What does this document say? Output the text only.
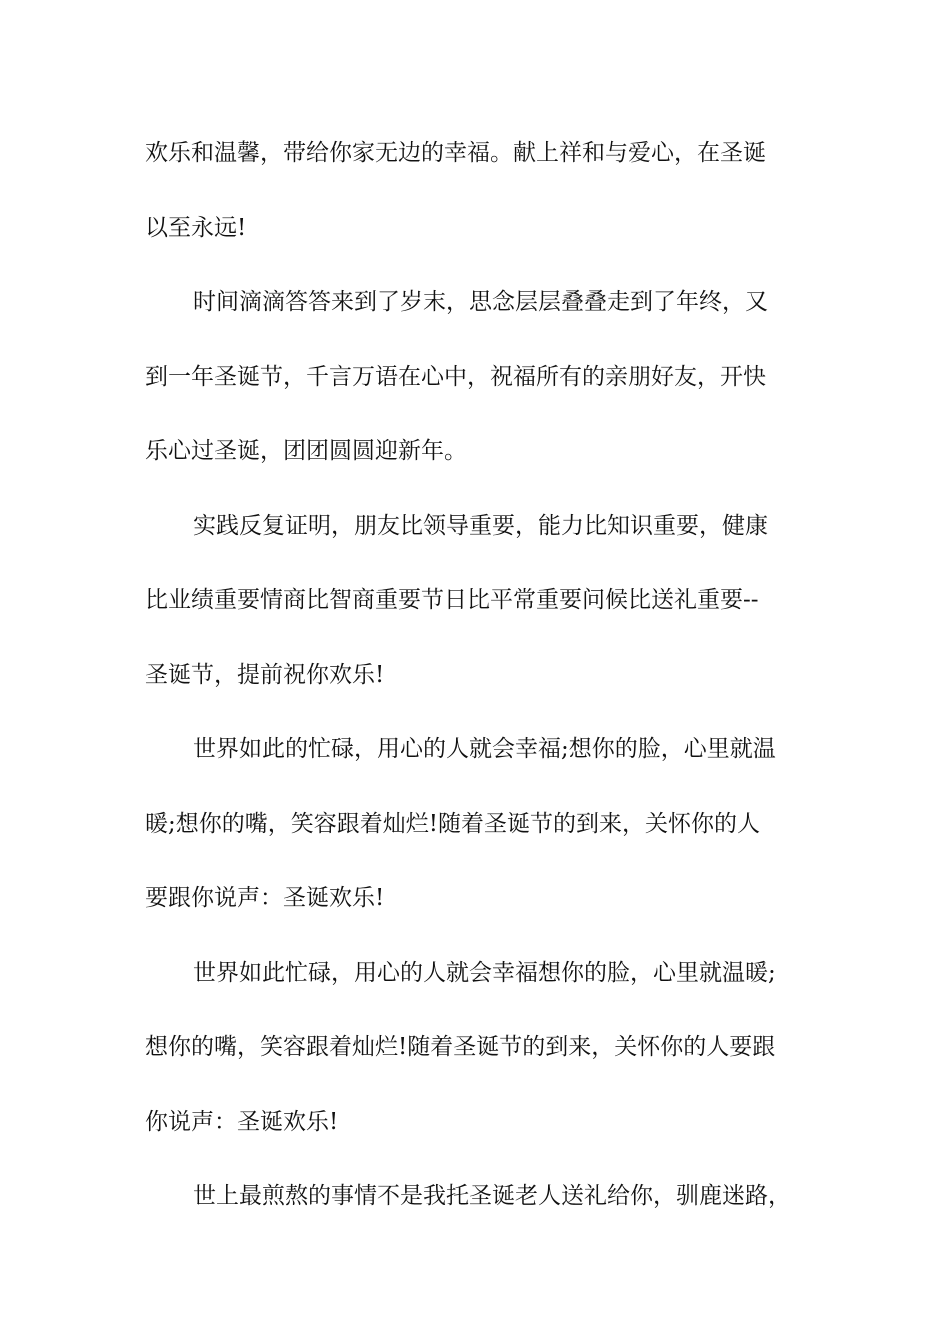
欢乐和温馨，带给你家无边的幸福。献上祥和与爱心，在圣诞
以至永远!
时间滴滴答答来到了岁末，思念层层叠叠走到了年终，又
到一年圣诞节，千言万语在心中，祝福所有的亲朋好友，开快
乐心过圣诞，团团圆圆迎新年。
实践反复证明，朋友比领导重要，能力比知识重要，健康
比业绩重要情商比智商重要节日比平常重要问候比送礼重要--
圣诞节，提前祝你欢乐!
世界如此的忙碌，用心的人就会幸福;想你的脸，心里就温
暖;想你的嘴，笑容跟着灿烂!随着圣诞节的到来，关怀你的人
要跟你说声：圣诞欢乐!
世界如此忙碌，用心的人就会幸福想你的脸，心里就温暖;
想你的嘴，笑容跟着灿烂!随着圣诞节的到来，关怀你的人要跟
你说声：圣诞欢乐!
世上最煎熬的事情不是我托圣诞老人送礼给你，驯鹿迷路，
